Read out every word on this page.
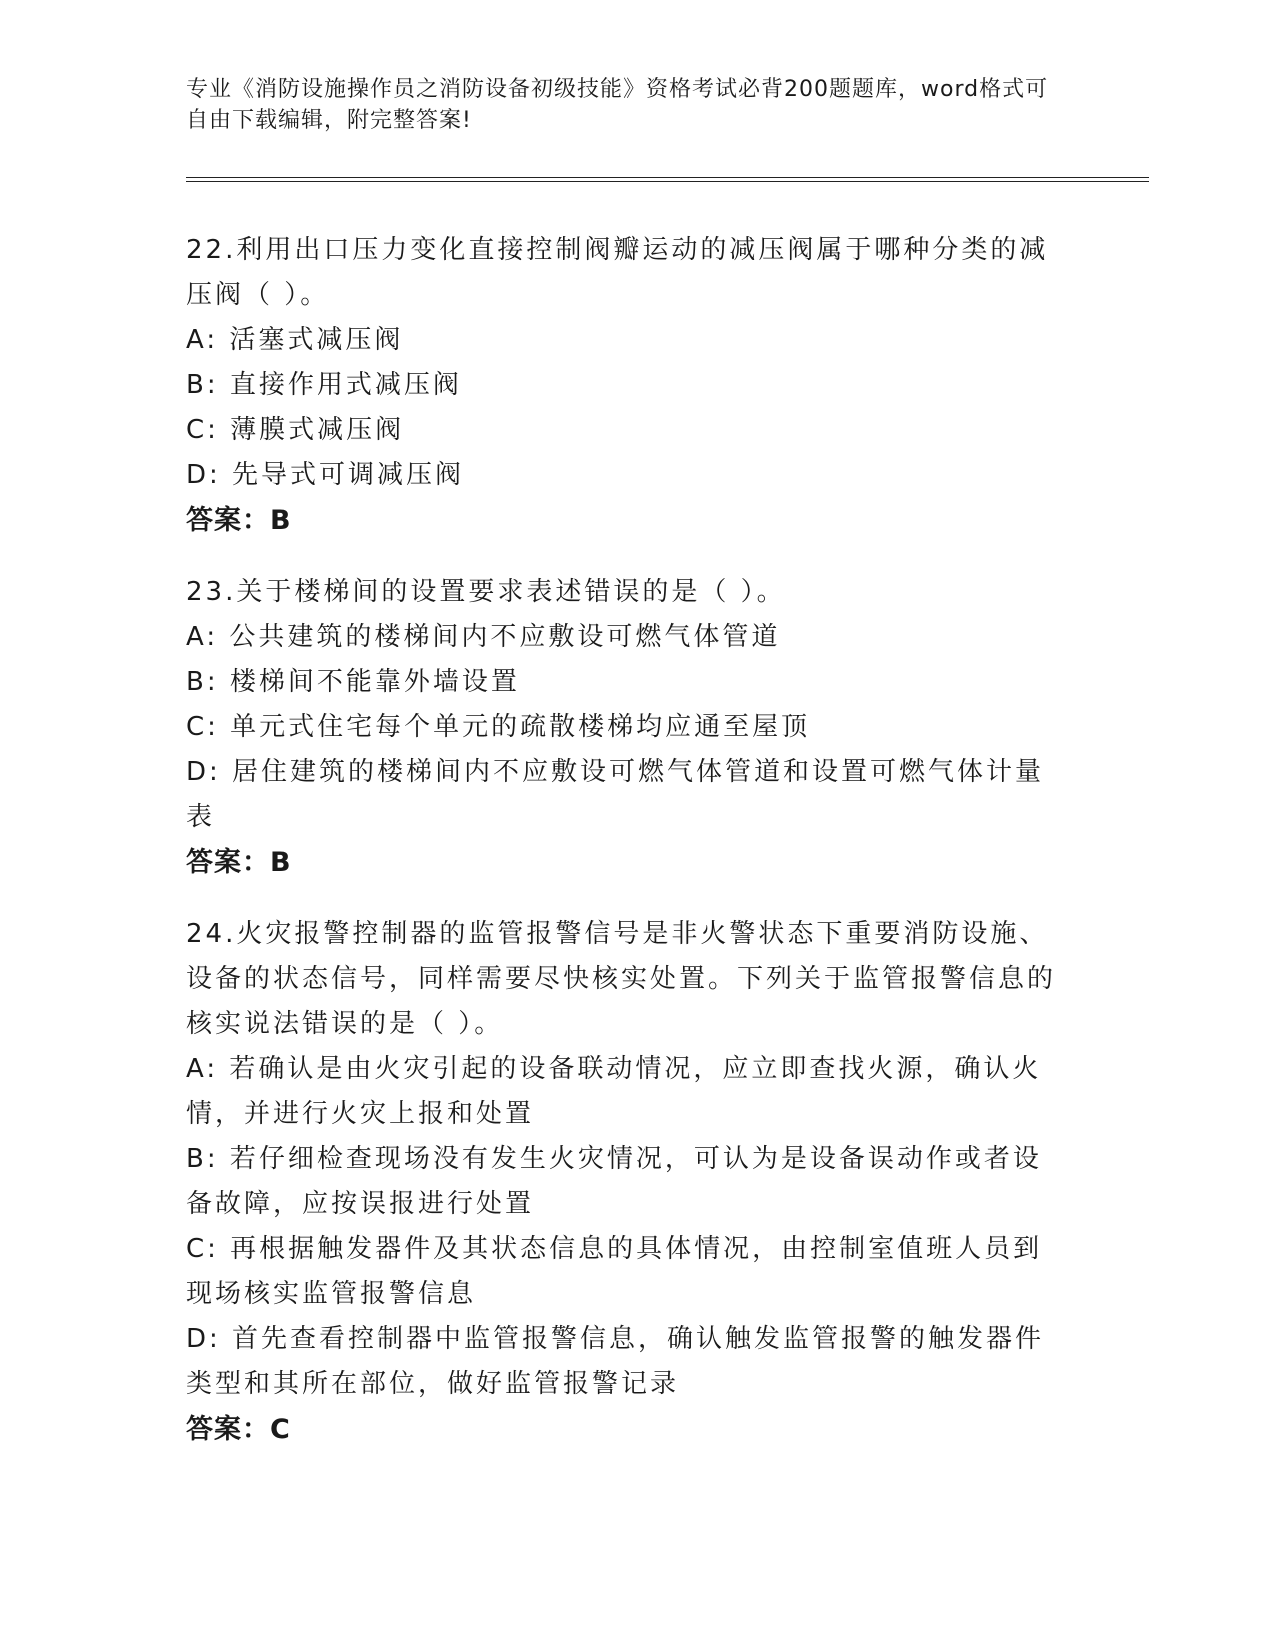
专业《消防设施操作员之消防设备初级技能》资格考试必背200题题库，word格式可自由下载编辑，附完整答案!
22.利用出口压力变化直接控制阀瓣运动的减压阀属于哪种分类的减压阀（ ）。
A: 活塞式减压阀
B: 直接作用式减压阀
C: 薄膜式减压阀
D: 先导式可调减压阀
答案：B
23.关于楼梯间的设置要求表述错误的是（ ）。
A: 公共建筑的楼梯间内不应敷设可燃气体管道
B: 楼梯间不能靠外墙设置
C: 单元式住宅每个单元的疏散楼梯均应通至屋顶
D: 居住建筑的楼梯间内不应敷设可燃气体管道和设置可燃气体计量表
答案：B
24.火灾报警控制器的监管报警信号是非火警状态下重要消防设施、设备的状态信号，同样需要尽快核实处置。下列关于监管报警信息的核实说法错误的是（ ）。
A: 若确认是由火灾引起的设备联动情况，应立即查找火源，确认火情，并进行火灾上报和处置
B: 若仔细检查现场没有发生火灾情况，可认为是设备误动作或者设备故障，应按误报进行处置
C: 再根据触发器件及其状态信息的具体情况，由控制室值班人员到现场核实监管报警信息
D: 首先查看控制器中监管报警信息，确认触发监管报警的触发器件类型和其所在部位，做好监管报警记录
答案：C
